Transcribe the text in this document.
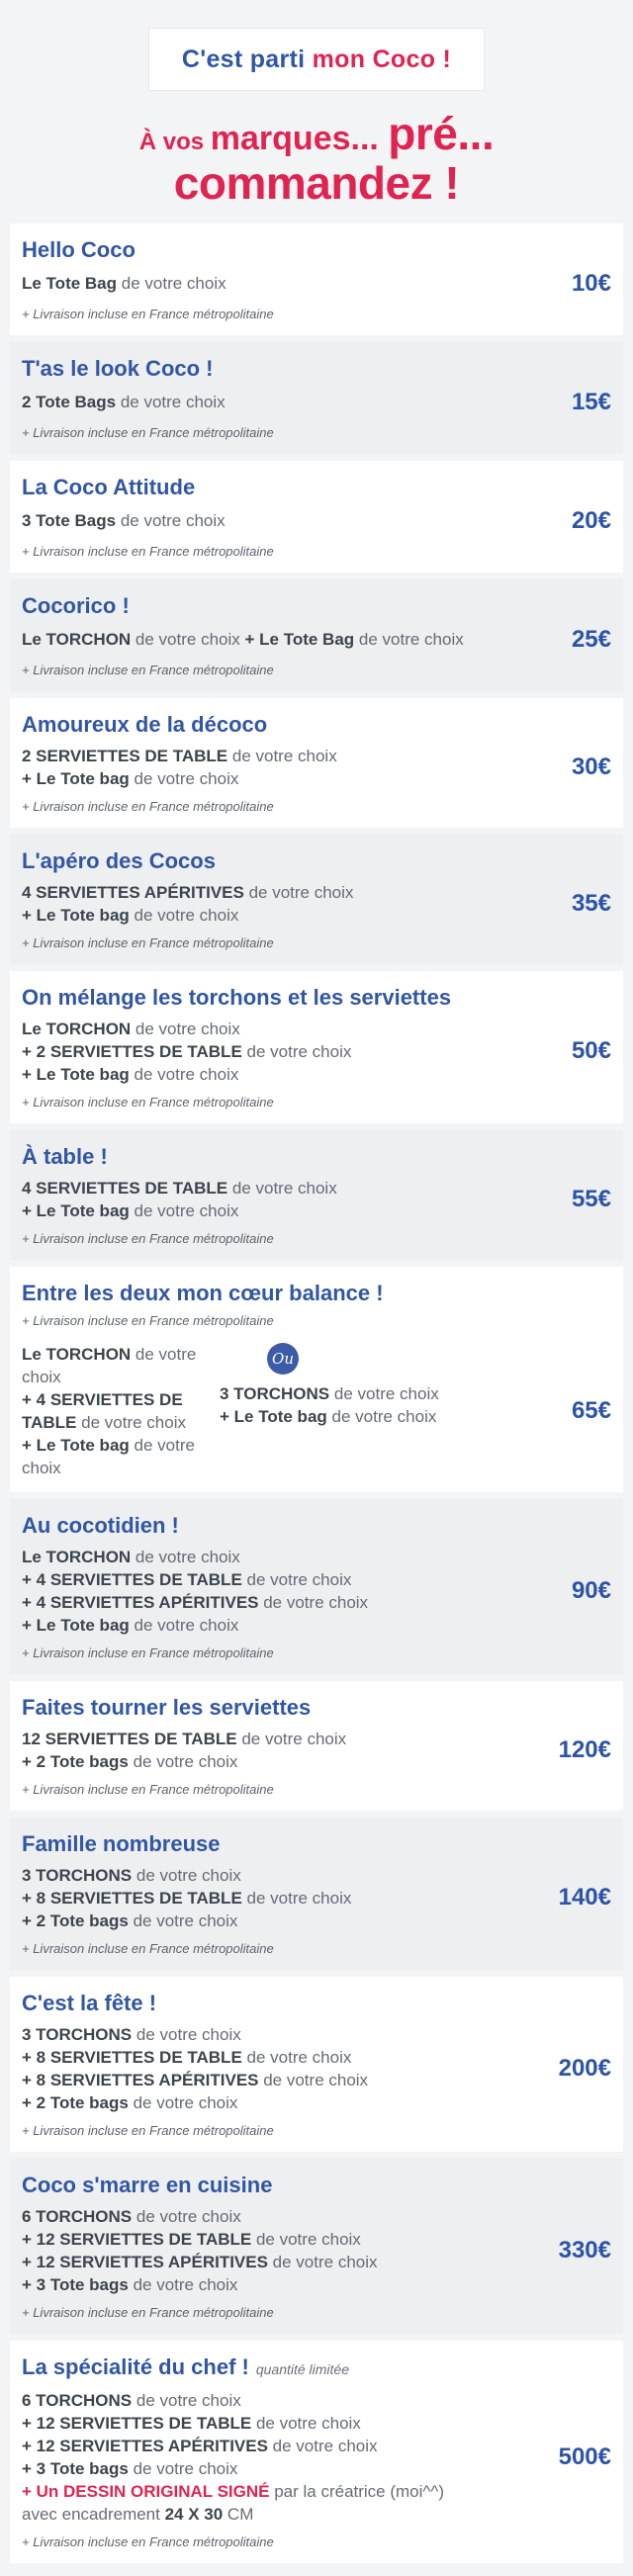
C'est parti mon Coco !
À vos marques... pré...
commandez !
Hello Coco
Le Tote Bag de votre choix	10€
+ Livraison incluse en France métropolitaine
T'as le look Coco !
2 Tote Bags de votre choix	15€
+ Livraison incluse en France métropolitaine
La Coco Attitude
3 Tote Bags de votre choix	20€
+ Livraison incluse en France métropolitaine
Cocorico !
Le TORCHON de votre choix + Le Tote Bag de votre choix	25€
+ Livraison incluse en France métropolitaine
Amoureux de la décoco
2 SERVIETTES DE TABLE de votre choix
+ Le Tote bag de votre choix	30€
+ Livraison incluse en France métropolitaine
L'apéro des Cocos
4 SERVIETTES APÉRITIVES de votre choix
+ Le Tote bag de votre choix	35€
+ Livraison incluse en France métropolitaine
On mélange les torchons et les serviettes
Le TORCHON de votre choix
+ 2 SERVIETTES DE TABLE de votre choix
+ Le Tote bag de votre choix
50€
+ Livraison incluse en France métropolitaine
À table !
4 SERVIETTES DE TABLE de votre choix
+ Le Tote bag de votre choix	55€
+ Livraison incluse en France métropolitaine
Entre les deux mon cœur balance !
+ Livraison incluse en France métropolitaine
Le TORCHON de votre choix
+ 4 SERVIETTES DE TABLE de votre choix
+ Le Tote bag de votre choix
Ou
3 TORCHONS de votre choix
+ Le Tote bag de votre choix	65€
Au cocotidien !
Le TORCHON de votre choix
+ 4 SERVIETTES DE TABLE de votre choix
+ 4 SERVIETTES APÉRITIVES de votre choix
+ Le Tote bag de votre choix
90€
+ Livraison incluse en France métropolitaine
Faites tourner les serviettes
12 SERVIETTES DE TABLE de votre choix
+ 2 Tote bags de votre choix	120€
+ Livraison incluse en France métropolitaine
Famille nombreuse
3 TORCHONS de votre choix
+ 8 SERVIETTES DE TABLE de votre choix
+ 2 Tote bags de votre choix
140€
+ Livraison incluse en France métropolitaine
C'est la fête !
3 TORCHONS de votre choix
+ 8 SERVIETTES DE TABLE de votre choix
+ 8 SERVIETTES APÉRITIVES de votre choix
+ 2 Tote bags de votre choix
200€
+ Livraison incluse en France métropolitaine
Coco s'marre en cuisine
6 TORCHONS de votre choix
+ 12 SERVIETTES DE TABLE de votre choix
+ 12 SERVIETTES APÉRITIVES de votre choix
+ 3 Tote bags de votre choix
330€
+ Livraison incluse en France métropolitaine
La spécialité du chef ! quantité limitée
6 TORCHONS de votre choix
+ 12 SERVIETTES DE TABLE de votre choix
+ 12 SERVIETTES APÉRITIVES de votre choix
+ 3 Tote bags de votre choix
+ Un DESSIN ORIGINAL SIGNÉ par la créatrice (moi^^)
avec encadrement 24 X 30 CM
500€
+ Livraison incluse en France métropolitaine
